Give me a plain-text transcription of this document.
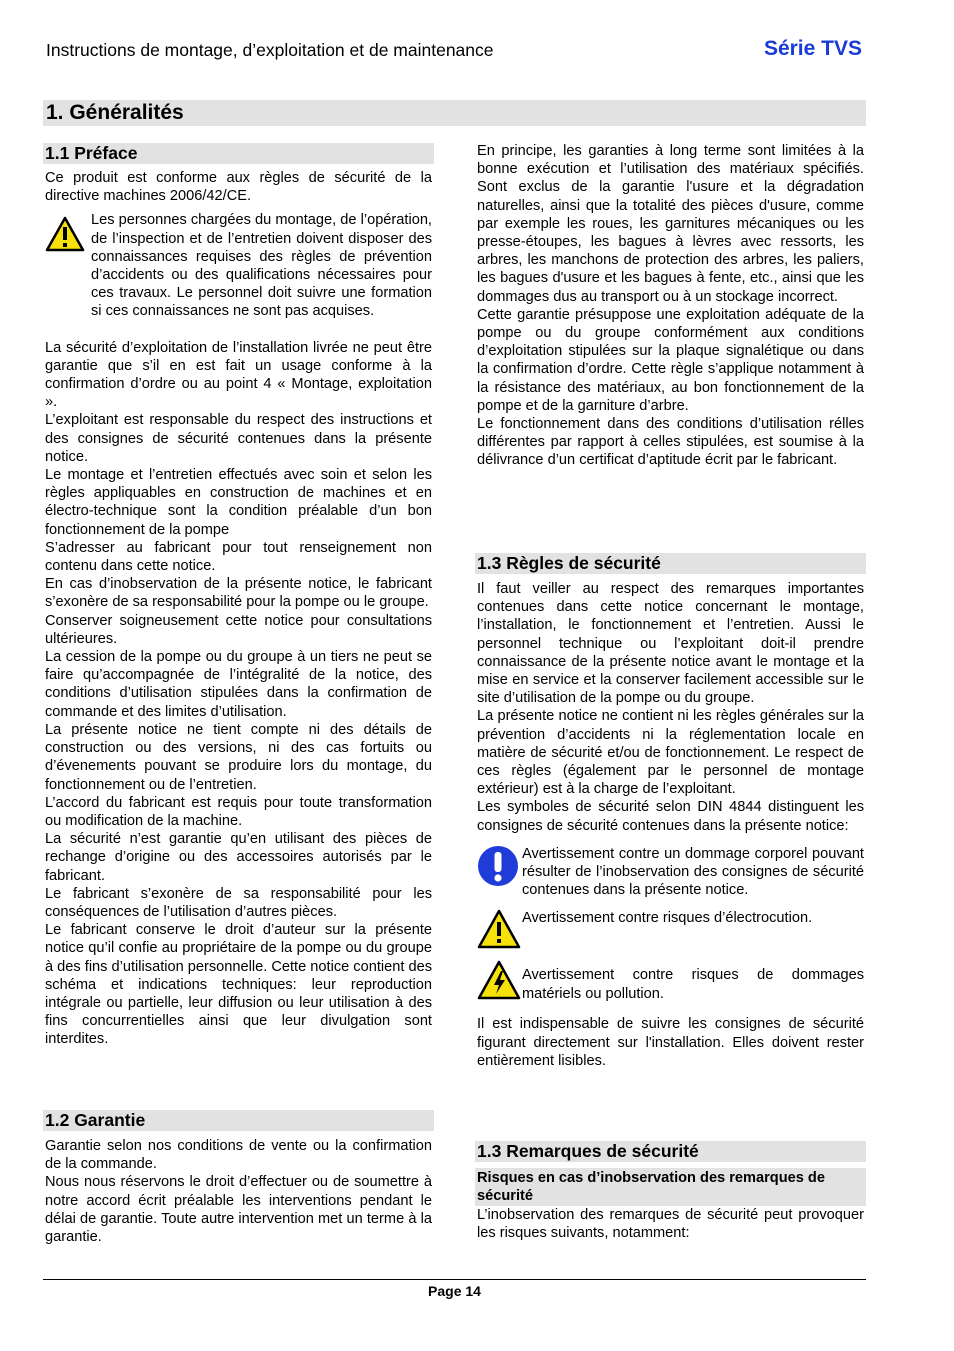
Instructions de montage, d’exploitation et de maintenance	Série TVS
1. Généralités
1.1 Préface

Ce produit est conforme aux règles de sécurité de la directive machines 2006/42/CE.

Les personnes chargées du montage, de l’opération, de l’inspection et de l’entretien doivent disposer des connaissances requises des règles de prévention d’accidents ou des qualifications nécessaires pour ces travaux. Le personnel doit suivre une formation si ces connaissances ne sont pas acquises.

La sécurité d’exploitation de l’installation livrée ne peut être garantie que s’il en est fait un usage conforme à la confirmation d’ordre ou au point 4 « Montage, exploitation ».

L’exploitant est responsable du respect des instructions et des consignes de sécurité contenues dans la présente notice.

Le montage et l’entretien effectués avec soin et selon les règles appliquables en construction de machines et en électro-technique sont la condition préalable d’un bon fonctionnement de la pompe

S’adresser au fabricant pour tout renseignement non contenu dans cette notice.

En cas d’inobservation de la présente notice, le fabricant s’exonère de sa responsabilité pour la pompe ou le groupe.

Conserver soigneusement cette notice pour consultations ultérieures.

La cession de la pompe ou du groupe à un tiers ne peut se faire qu’accompagnée de l’intégralité de la notice, des conditions d’utilisation stipulées dans la confirmation de commande et des limites d’utilisation.

La présente notice ne tient compte ni des détails de construction ou des versions, ni des cas fortuits ou d’évenements pouvant se produire lors du montage, du fonctionnement ou de l’entretien.

L’accord du fabricant est requis pour toute transformation ou modification de la machine.

La sécurité n’est garantie qu’en utilisant des pièces de rechange d’origine ou des accessoires autorisés par le fabricant.

Le fabricant s’exonère de sa responsabilité pour les conséquences de l’utilisation d’autres pièces.

Le fabricant conserve le droit d’auteur sur la présente notice qu’il confie au propriétaire de la pompe ou du groupe à des fins d’utilisation personnelle. Cette notice contient des schéma et indications techniques: leur reproduction intégrale ou partielle, leur diffusion ou leur utilisation à des fins concurrentielles ainsi que leur divulgation sont interdites.

1.2 Garantie

Garantie selon nos conditions de vente ou la confirmation de la commande.

Nous nous réservons le droit d’effectuer ou de soumettre à notre accord écrit préalable les interventions pendant le délai de garantie. Toute autre intervention met un terme à la garantie.

En principe, les garanties à long terme sont limitées à la bonne exécution et l’utilisation des matériaux spécifiés. Sont exclus de la garantie l'usure et la dégradation naturelles, ainsi que la totalité des pièces d'usure, comme par exemple les roues, les garnitures mécaniques ou les presse-étoupes, les bagues à lèvres avec ressorts, les arbres, les manchons de protection des arbres, les paliers, les bagues d'usure et les bagues à fente, etc., ainsi que les dommages dus au transport ou à un stockage incorrect.

Cette garantie présuppose une exploitation adéquate de la pompe ou du groupe conformément aux conditions d’exploitation stipulées sur la plaque signalétique ou dans la confirmation d’ordre. Cette règle s’applique notamment à la résistance des matériaux, au bon fonctionnement de la pompe et de la garniture d’arbre.

Le fonctionnement dans des conditions d’utilisation rélles différentes par rapport à celles stipulées, est soumise à la délivrance d’un certificat d’aptitude écrit par le fabricant.

1.3 Règles de sécurité

Il faut veiller au respect des remarques importantes contenues dans cette notice concernant le montage, l’installation, le fonctionnement et l’entretien. Aussi le personnel technique ou l’exploitant doit-il prendre connaissance de la présente notice avant le montage et la mise en service et la conserver facilement accessible sur le site d’utilisation de la pompe ou du groupe.

La présente notice ne contient ni les règles générales sur la prévention d’accidents ni la réglementation locale en matière de sécurité et/ou de fonctionnement. Le respect de ces règles (également par le personnel de montage extérieur) est à la charge de l’exploitant.

Les symboles de sécurité selon DIN 4844 distinguent les consignes de sécurité contenues dans la présente notice:

Avertissement contre un dommage corporel pouvant résulter de l’inobservation des consignes de sécurité contenues dans la présente notice.
Avertissement contre risques d’électrocution.
Avertissement contre risques de dommages matériels ou pollution.

Il est indispensable de suivre les consignes de sécurité figurant directement sur l'installation. Elles doivent rester entièrement lisibles.

1.3 Remarques de sécurité
Risques en cas d’inobservation des remarques de sécurité

L’inobservation des remarques de sécurité peut provoquer les risques suivants, notamment:

Page 14
